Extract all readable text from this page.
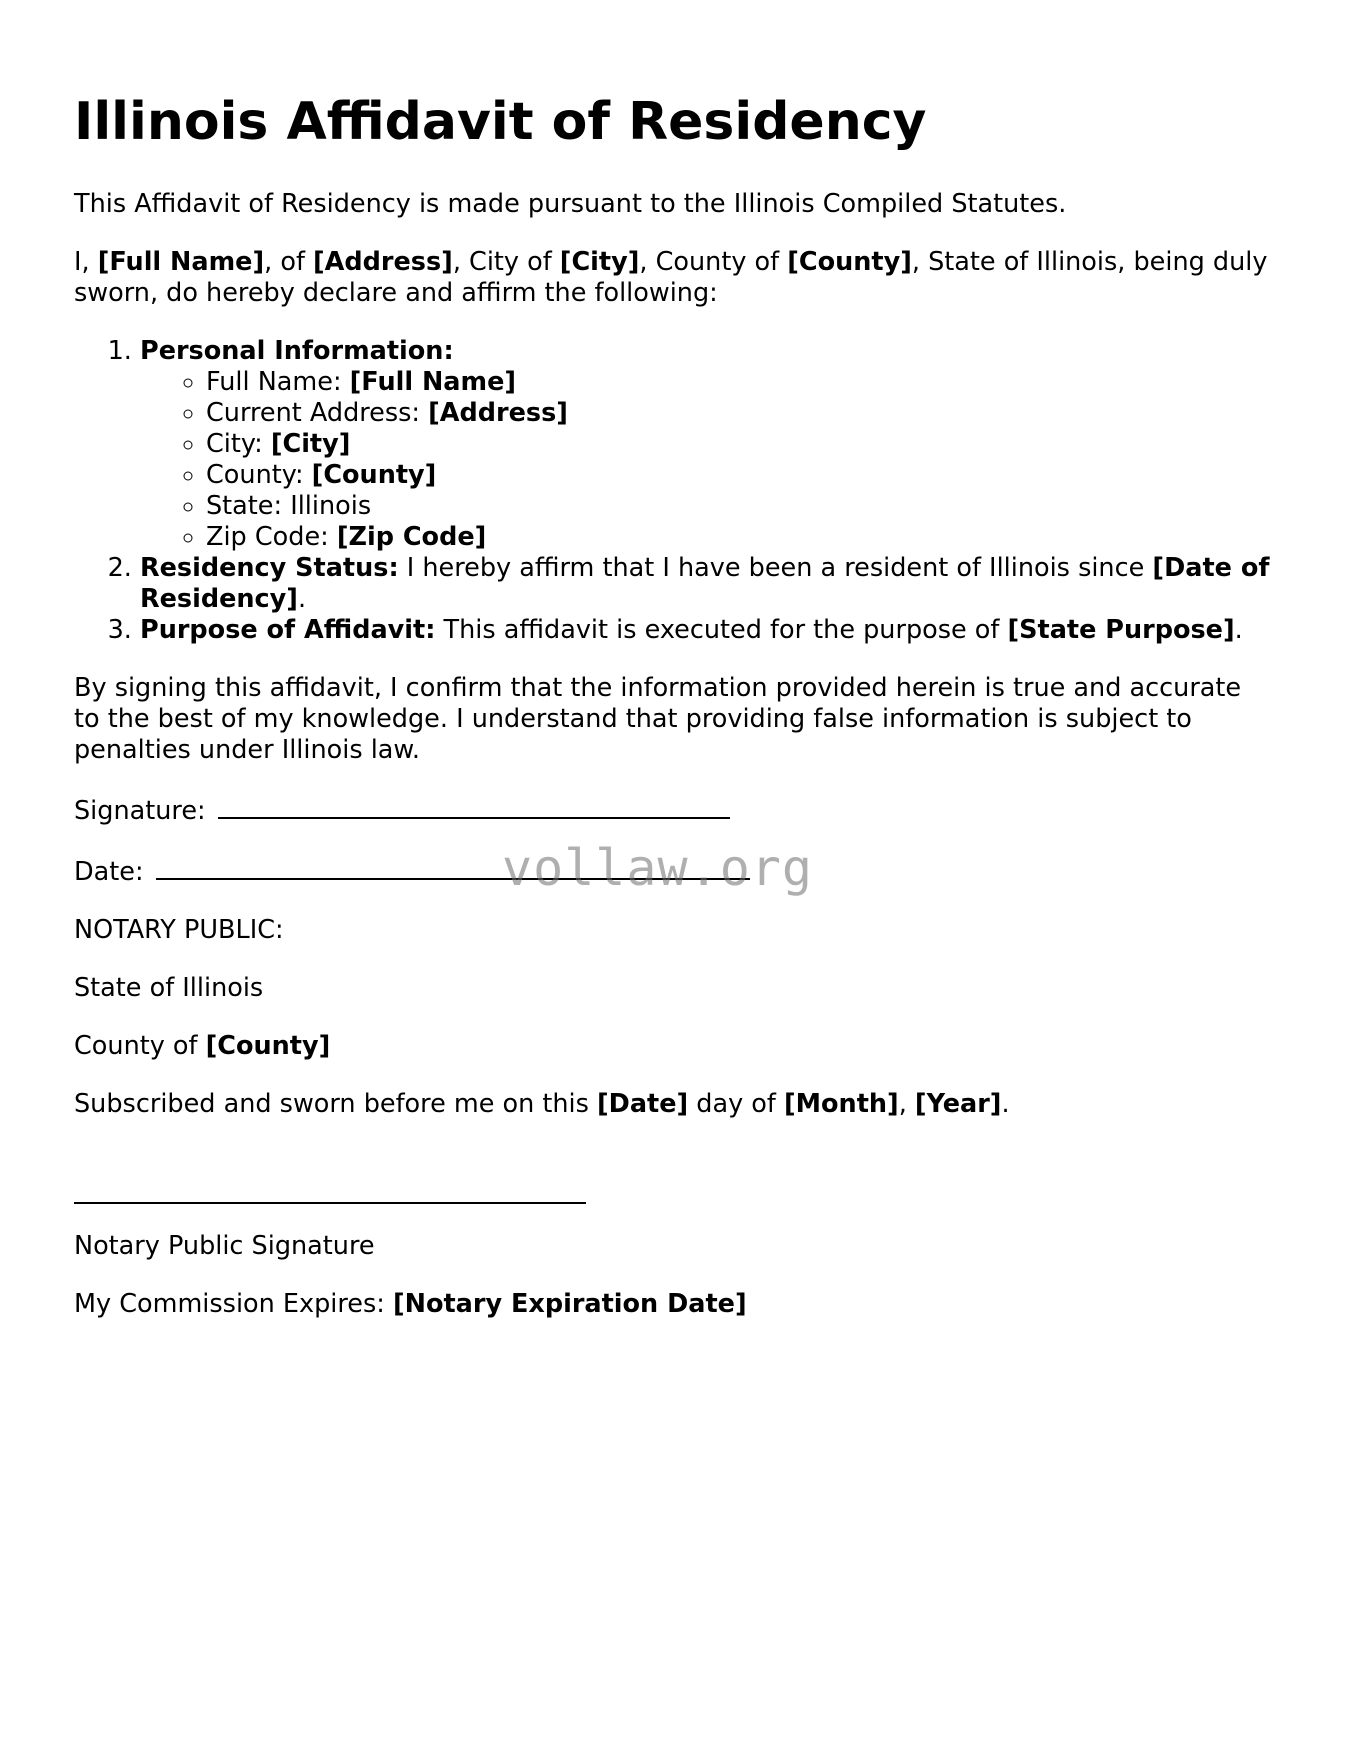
Illinois Affidavit of Residency

This Affidavit of Residency is made pursuant to the Illinois Compiled Statutes.

I, [Full Name], of [Address], City of [City], County of [County], State of Illinois, being duly sworn, do hereby declare and affirm the following:

1. Personal Information:
◦ Full Name: [Full Name]
◦ Current Address: [Address]
◦ City: [City]
◦ County: [County]
◦ State: Illinois
◦ Zip Code: [Zip Code]
2. Residency Status: I hereby affirm that I have been a resident of Illinois since [Date of Residency].
3. Purpose of Affidavit: This affidavit is executed for the purpose of [State Purpose].

By signing this affidavit, I confirm that the information provided herein is true and accurate to the best of my knowledge. I understand that providing false information is subject to penalties under Illinois law.

Signature:

Date:

NOTARY PUBLIC:

State of Illinois

County of [County]

Subscribed and sworn before me on this [Date] day of [Month], [Year].

Notary Public Signature

My Commission Expires: [Notary Expiration Date]

vollaw.org
